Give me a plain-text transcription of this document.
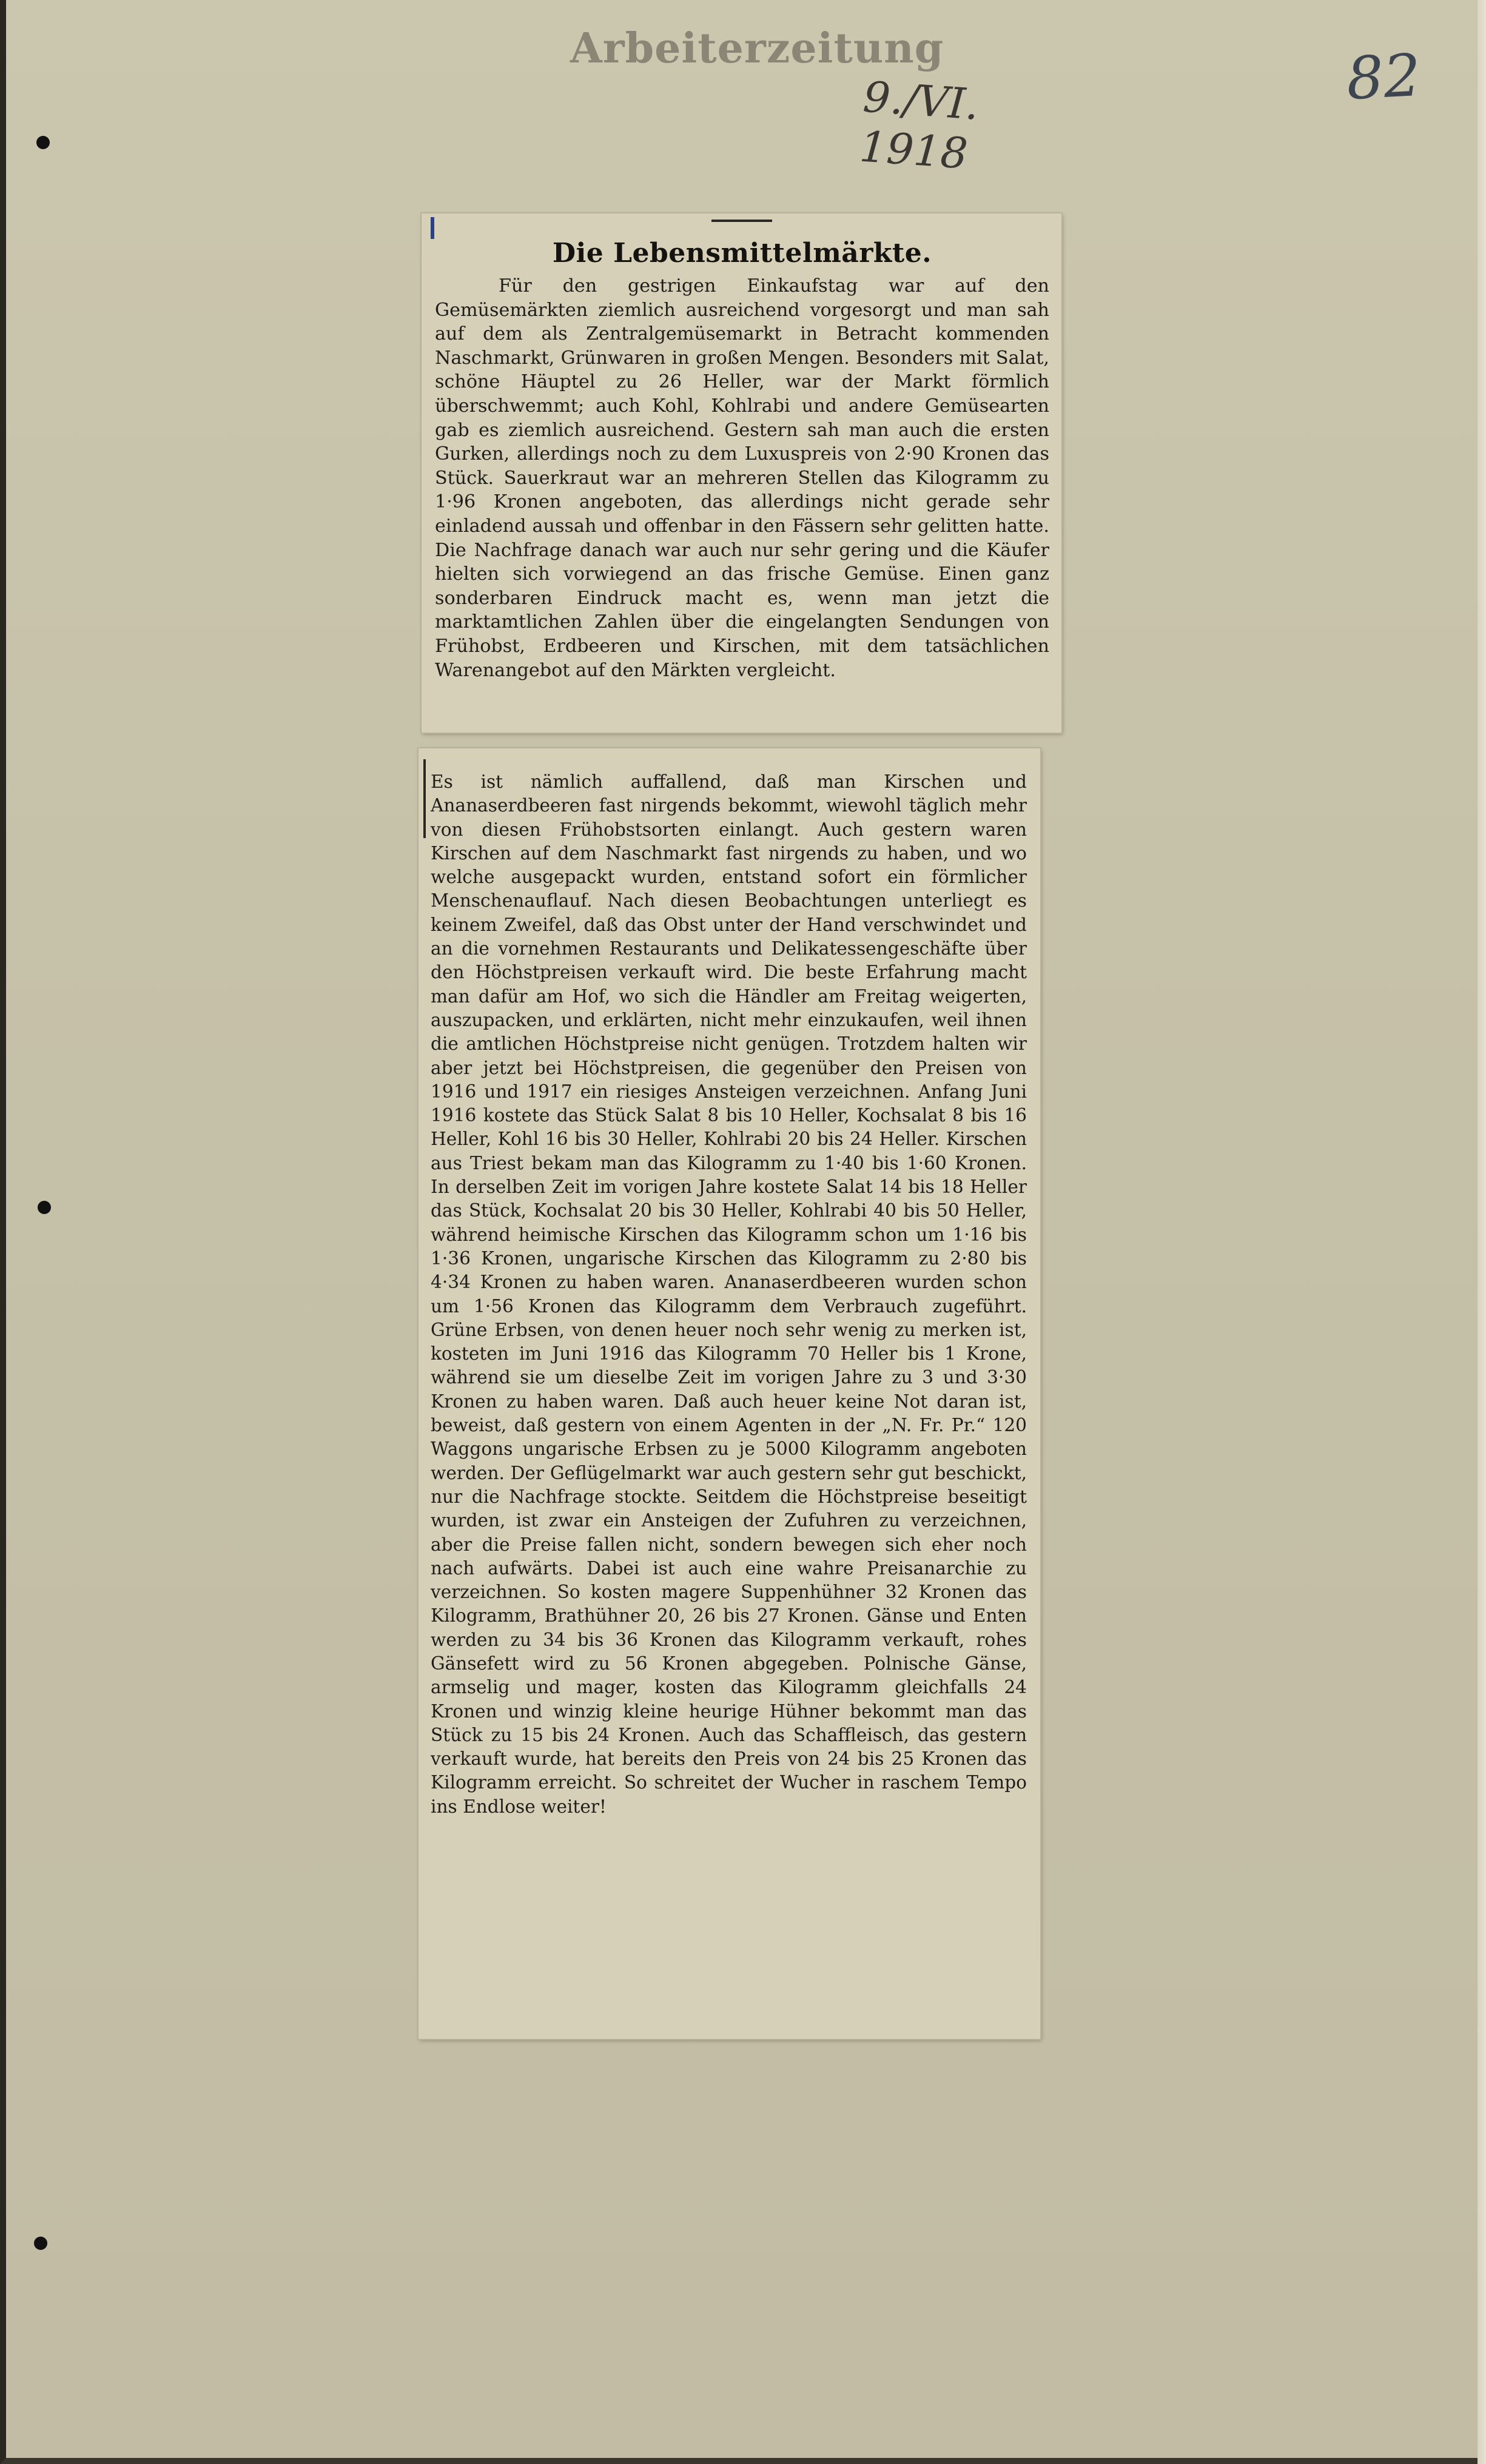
Arbeiterzeitung
9./VI. 1918
82
Die Lebensmittelmärkte.

Für den gestrigen Einkaufstag war auf den Gemüsemärkten ziemlich ausreichend vorgesorgt und man sah auf dem als Zentralgemüsemarkt in Betracht kommenden Naschmarkt, Grünwaren in großen Mengen. Besonders mit Salat, schöne Häuptel zu 26 Heller, war der Markt förmlich überschwemmt; auch Kohl, Kohlrabi und andere Gemüsearten gab es ziemlich ausreichend. Gestern sah man auch die ersten Gurken, allerdings noch zu dem Luxuspreis von 2·90 Kronen das Stück. Sauerkraut war an mehreren Stellen das Kilogramm zu 1·96 Kronen angeboten, das allerdings nicht gerade sehr einladend aussah und offenbar in den Fässern sehr gelitten hatte. Die Nachfrage danach war auch nur sehr gering und die Käufer hielten sich vorwiegend an das frische Gemüse. Einen ganz sonderbaren Eindruck macht es, wenn man jetzt die marktamtlichen Zahlen über die eingelangten Sendungen von Frühobst, Erdbeeren und Kirschen, mit dem tatsächlichen Warenangebot auf den Märkten vergleicht.

Es ist nämlich auffallend, daß man Kirschen und Ananaserdbeeren fast nirgends bekommt, wiewohl täglich mehr von diesen Frühobstsorten einlangt. Auch gestern waren Kirschen auf dem Naschmarkt fast nirgends zu haben, und wo welche ausgepackt wurden, entstand sofort ein förmlicher Menschenauflauf. Nach diesen Beobachtungen unterliegt es keinem Zweifel, daß das Obst unter der Hand verschwindet und an die vornehmen Restaurants und Delikatessengeschäfte über den Höchstpreisen verkauft wird. Die beste Erfahrung macht man dafür am Hof, wo sich die Händler am Freitag weigerten, auszupacken, und erklärten, nicht mehr einzukaufen, weil ihnen die amtlichen Höchstpreise nicht genügen. Trotzdem halten wir aber jetzt bei Höchstpreisen, die gegenüber den Preisen von 1916 und 1917 ein riesiges Ansteigen verzeichnen. Anfang Juni 1916 kostete das Stück Salat 8 bis 10 Heller, Kochsalat 8 bis 16 Heller, Kohl 16 bis 30 Heller, Kohlrabi 20 bis 24 Heller. Kirschen aus Triest bekam man das Kilogramm zu 1·40 bis 1·60 Kronen. In derselben Zeit im vorigen Jahre kostete Salat 14 bis 18 Heller das Stück, Kochsalat 20 bis 30 Heller, Kohlrabi 40 bis 50 Heller, während heimische Kirschen das Kilogramm schon um 1·16 bis 1·36 Kronen, ungarische Kirschen das Kilogramm zu 2·80 bis 4·34 Kronen zu haben waren. Ananaserdbeeren wurden schon um 1·56 Kronen das Kilogramm dem Verbrauch zugeführt. Grüne Erbsen, von denen heuer noch sehr wenig zu merken ist, kosteten im Juni 1916 das Kilogramm 70 Heller bis 1 Krone, während sie um dieselbe Zeit im vorigen Jahre zu 3 und 3·30 Kronen zu haben waren. Daß auch heuer keine Not daran ist, beweist, daß gestern von einem Agenten in der „N. Fr. Pr.“ 120 Waggons ungarische Erbsen zu je 5000 Kilogramm angeboten werden. Der Geflügelmarkt war auch gestern sehr gut beschickt, nur die Nachfrage stockte. Seitdem die Höchstpreise beseitigt wurden, ist zwar ein Ansteigen der Zufuhren zu verzeichnen, aber die Preise fallen nicht, sondern bewegen sich eher noch nach aufwärts. Dabei ist auch eine wahre Preisanarchie zu verzeichnen. So kosten magere Suppenhühner 32 Kronen das Kilogramm, Brathühner 20, 26 bis 27 Kronen. Gänse und Enten werden zu 34 bis 36 Kronen das Kilogramm verkauft, rohes Gänsefett wird zu 56 Kronen abgegeben. Polnische Gänse, armselig und mager, kosten das Kilogramm gleichfalls 24 Kronen und winzig kleine heurige Hühner bekommt man das Stück zu 15 bis 24 Kronen. Auch das Schaffleisch, das gestern verkauft wurde, hat bereits den Preis von 24 bis 25 Kronen das Kilogramm erreicht. So schreitet der Wucher in raschem Tempo ins Endlose weiter!
